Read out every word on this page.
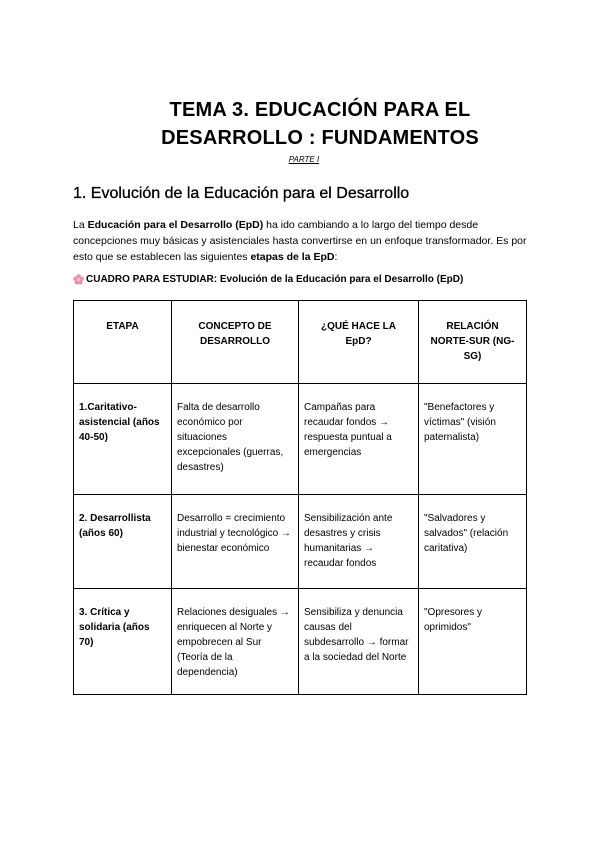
TEMA 3. EDUCACIÓN PARA EL
DESARROLLO : FUNDAMENTOS
PARTE I
1. Evolución de la Educación para el Desarrollo
La Educación para el Desarrollo (EpD) ha ido cambiando a lo largo del tiempo desde concepciones muy básicas y asistenciales hasta convertirse en un enfoque transformador. Es por esto que se establecen las siguientes etapas de la EpD:
CUADRO PARA ESTUDIAR: Evolución de la Educación para el Desarrollo (EpD)
ETAPA	CONCEPTO DE DESARROLLO	¿QUÉ HACE LA EpD?	RELACIÓN NORTE-SUR (NG-SG)
1.Caritativo-asistencial (años 40-50)	Falta de desarrollo económico por situaciones excepcionales (guerras, desastres)	Campañas para recaudar fondos → respuesta puntual a emergencias	"Benefactores y víctimas" (visión paternalista)
2. Desarrollista (años 60)	Desarrollo = crecimiento industrial y tecnológico → bienestar económico	Sensibilización ante desastres y crisis humanitarias → recaudar fondos	"Salvadores y salvados" (relación caritativa)
3. Crítica y solidaria (años 70)	Relaciones desiguales → enriquecen al Norte y empobrecen al Sur (Teoría de la dependencia)	Sensibiliza y denuncia causas del subdesarrollo → formar a la sociedad del Norte	"Opresores y oprimidos"
